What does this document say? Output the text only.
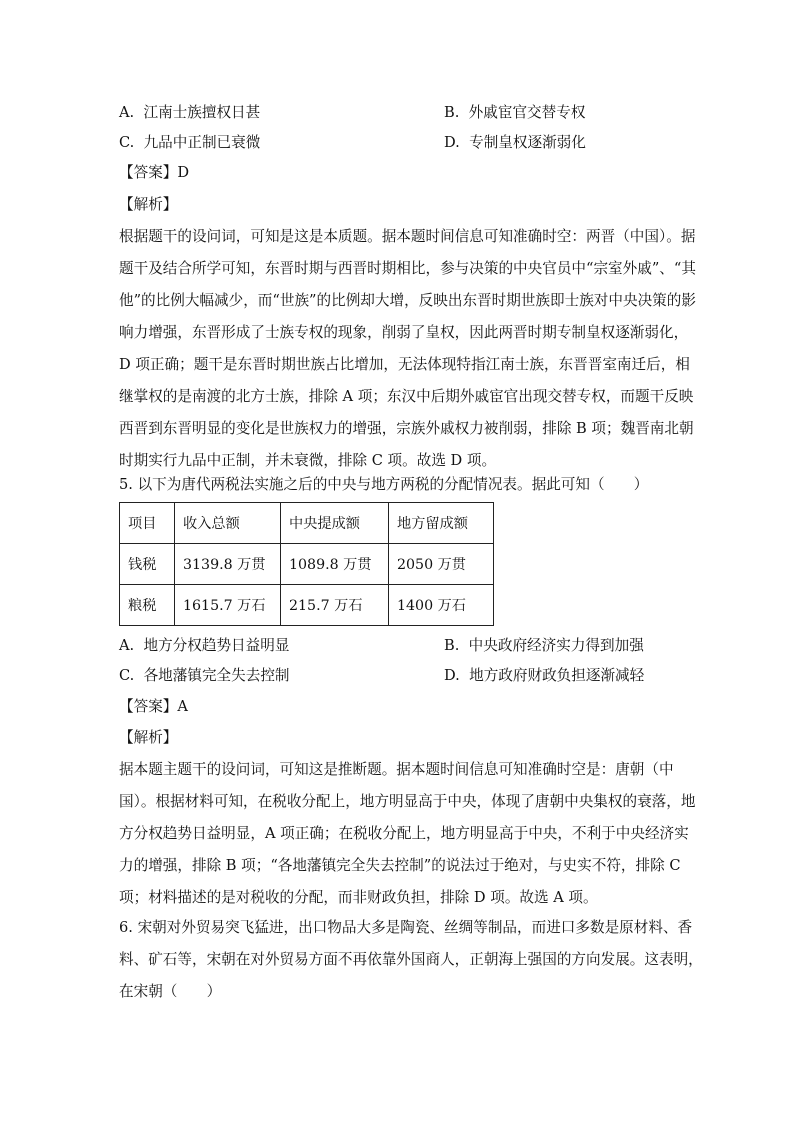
A. 江南士族擅权日甚	B. 外戚宦官交替专权
C. 九品中正制已衰微	D. 专制皇权逐渐弱化
【答案】D
【解析】
根据题干的设问词，可知是这是本质题。据本题时间信息可知准确时空：两晋（中国）。据
题干及结合所学可知，东晋时期与西晋时期相比，参与决策的中央官员中“宗室外戚”、“其
他”的比例大幅减少，而“世族”的比例却大增，反映出东晋时期世族即士族对中央决策的影
响力增强，东晋形成了士族专权的现象，削弱了皇权，因此两晋时期专制皇权逐渐弱化，
D 项正确；题干是东晋时期世族占比增加，无法体现特指江南士族，东晋晋室南迁后，相
继掌权的是南渡的北方士族，排除 A 项；东汉中后期外戚宦官出现交替专权，而题干反映
西晋到东晋明显的变化是世族权力的增强，宗族外戚权力被削弱，排除 B 项；魏晋南北朝
时期实行九品中正制，并未衰微，排除 C 项。故选 D 项。
5. 以下为唐代两税法实施之后的中央与地方两税的分配情况表。据此可知（　　）
项目	收入总额	中央提成额	地方留成额
钱税	3139.8 万贯	1089.8 万贯	2050 万贯
粮税	1615.7 万石	215.7 万石	1400 万石
A. 地方分权趋势日益明显	B. 中央政府经济实力得到加强
C. 各地藩镇完全失去控制	D. 地方政府财政负担逐渐减轻
【答案】A
【解析】
据本题主题干的设问词，可知这是推断题。据本题时间信息可知准确时空是：唐朝（中
国）。根据材料可知，在税收分配上，地方明显高于中央，体现了唐朝中央集权的衰落，地
方分权趋势日益明显，A 项正确；在税收分配上，地方明显高于中央，不利于中央经济实
力的增强，排除 B 项；“各地藩镇完全失去控制”的说法过于绝对，与史实不符，排除 C
项；材料描述的是对税收的分配，而非财政负担，排除 D 项。故选 A 项。
6. 宋朝对外贸易突飞猛进，出口物品大多是陶瓷、丝绸等制品，而进口多数是原材料、香
料、矿石等，宋朝在对外贸易方面不再依靠外国商人，正朝海上强国的方向发展。这表明，
在宋朝（　　）
